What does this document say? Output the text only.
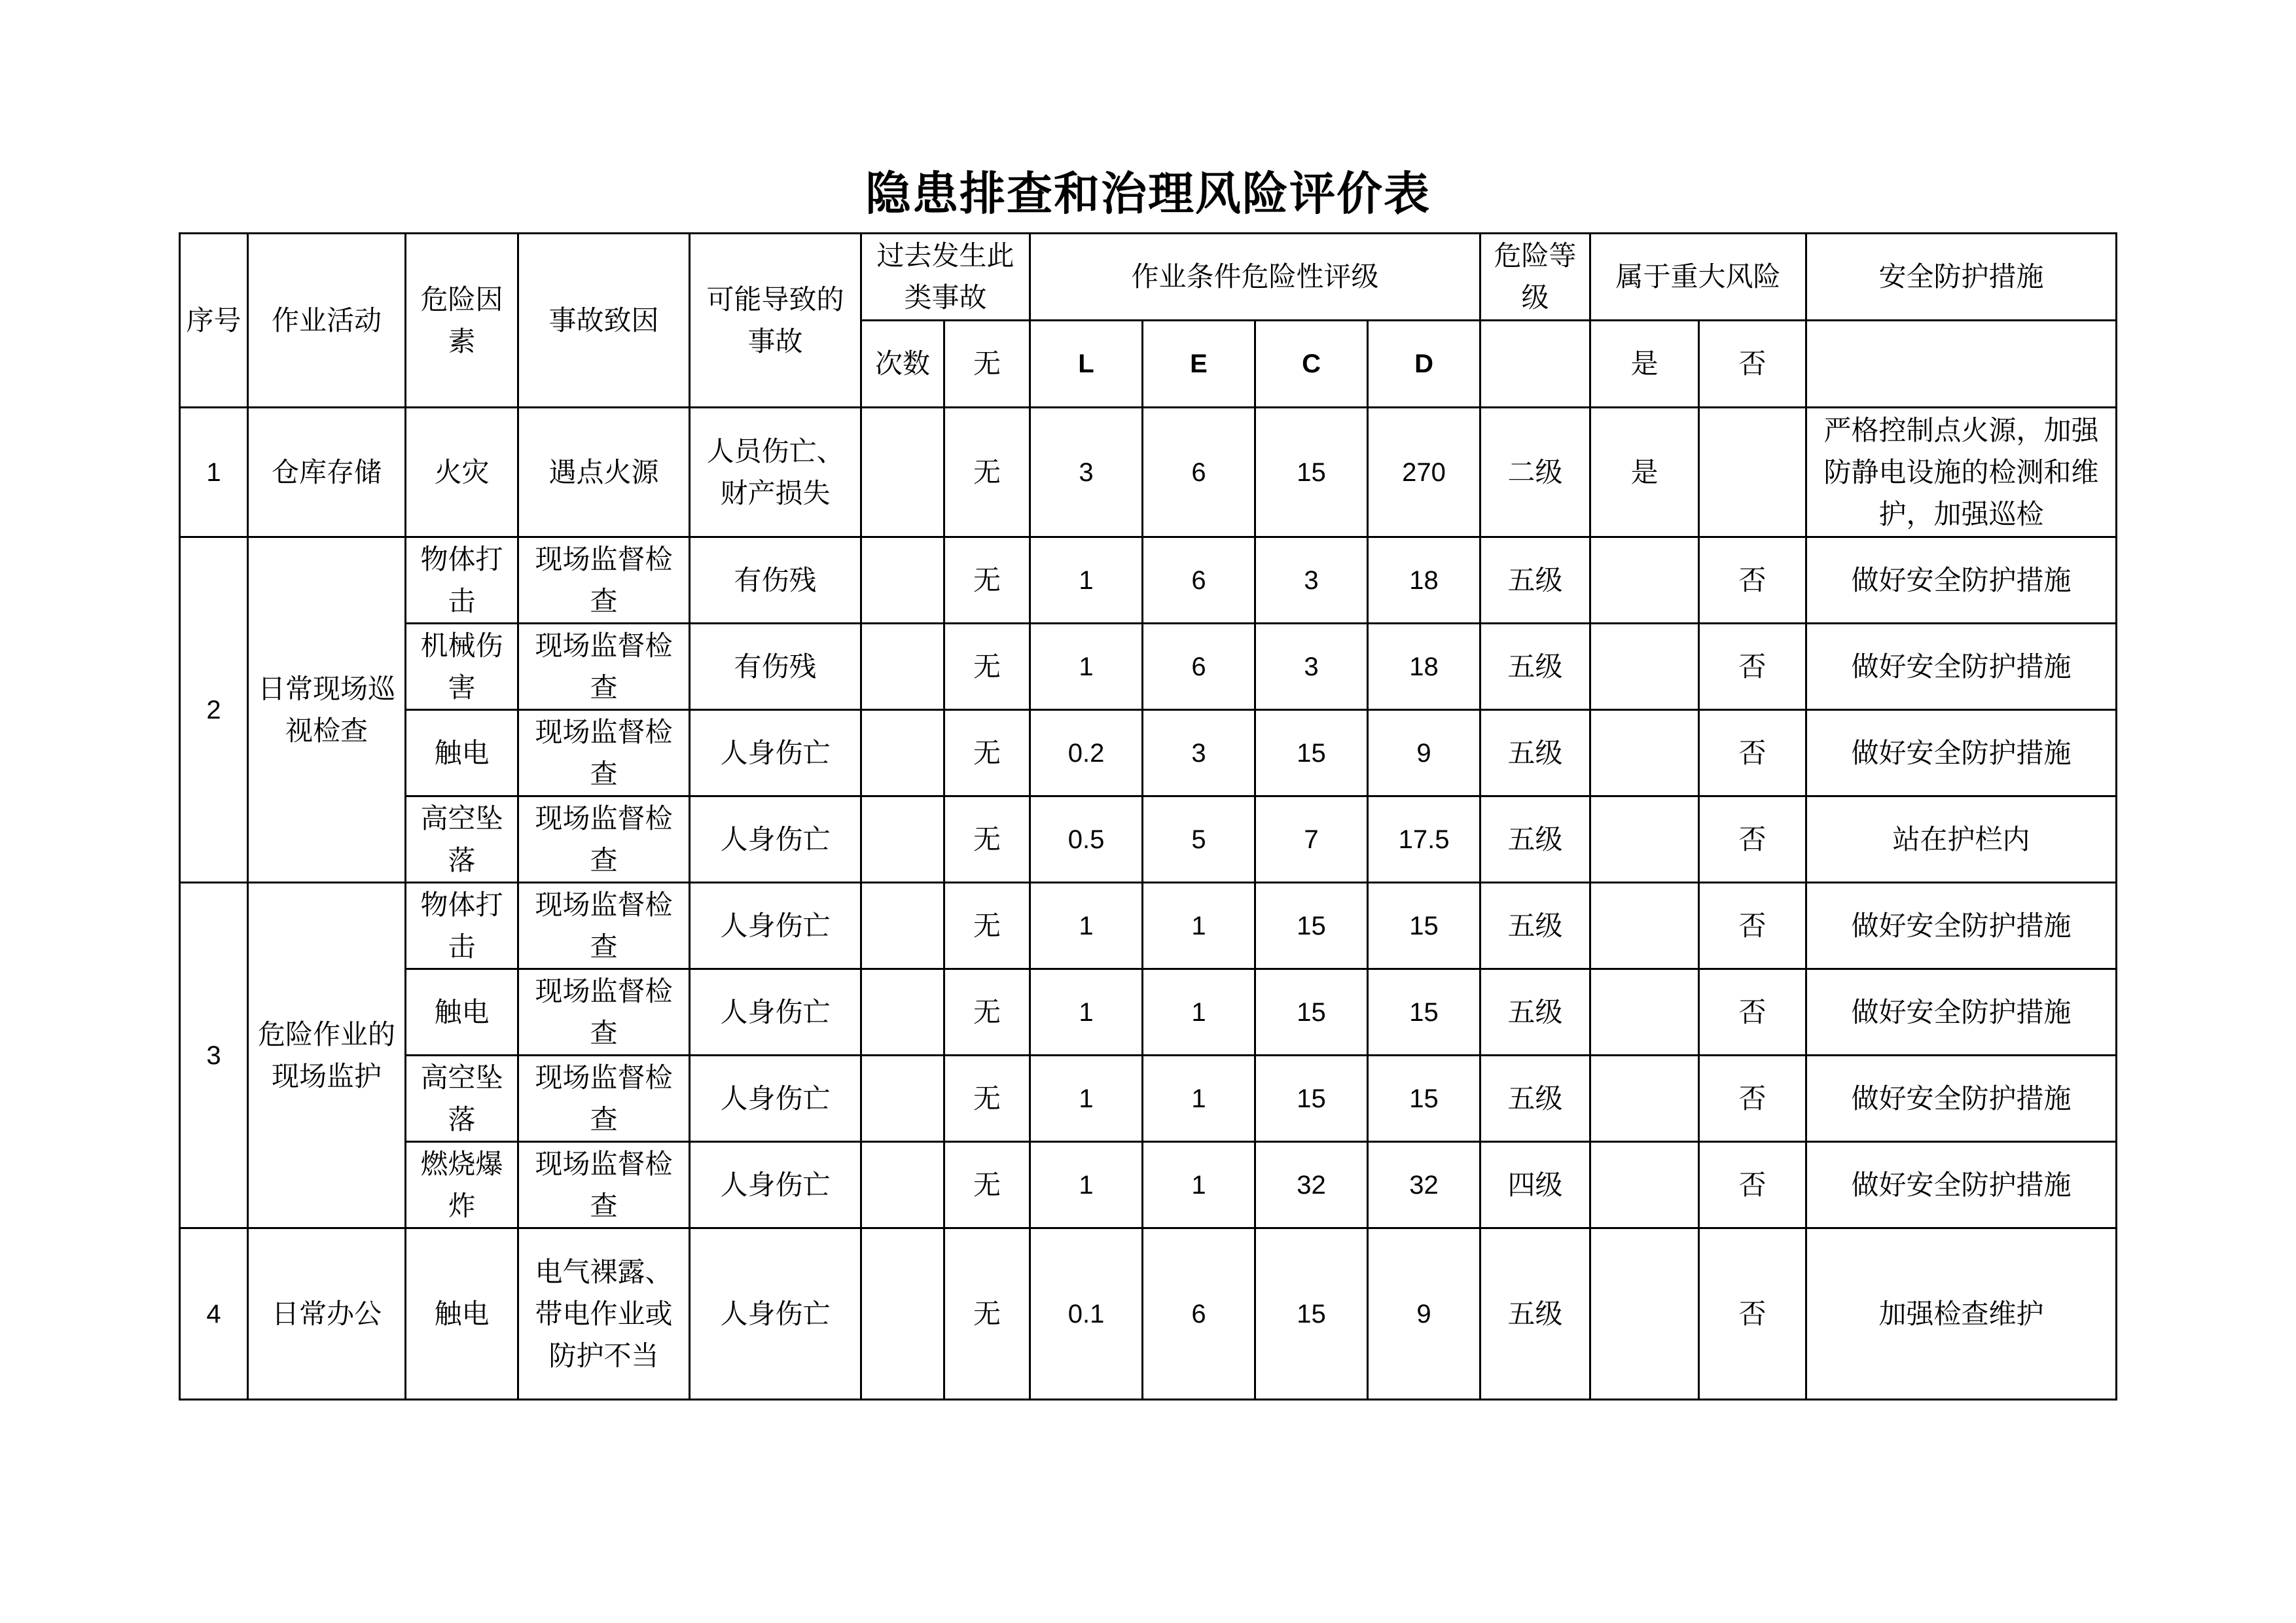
隐患排查和治理风险评价表
序号	作业活动	危险因素	事故致因	可能导致的事故	过去发生此类事故		作业条件危险性评级				危险等级	属于重大风险		安全防护措施
					次数	无	L	E	C	D		是	否	
1	仓库存储	火灾	遇点火源	人员伤亡、财产损失		无	3	6	15	270	二级	是		严格控制点火源，加强防静电设施的检测和维护，加强巡检
2	日常现场巡视检查	物体打击	现场监督检查	有伤残		无	1	6	3	18	五级		否	做好安全防护措施
		机械伤害	现场监督检查	有伤残		无	1	6	3	18	五级		否	做好安全防护措施
		触电	现场监督检查	人身伤亡		无	0.2	3	15	9	五级		否	做好安全防护措施
		高空坠落	现场监督检查	人身伤亡		无	0.5	5	7	17.5	五级		否	站在护栏内
3	危险作业的现场监护	物体打击	现场监督检查	人身伤亡		无	1	1	15	15	五级		否	做好安全防护措施
		触电	现场监督检查	人身伤亡		无	1	1	15	15	五级		否	做好安全防护措施
		高空坠落	现场监督检查	人身伤亡		无	1	1	15	15	五级		否	做好安全防护措施
		燃烧爆炸	现场监督检查	人身伤亡		无	1	1	32	32	四级		否	做好安全防护措施
4	日常办公	触电	电气裸露、带电作业或防护不当	人身伤亡		无	0.1	6	15	9	五级		否	加强检查维护
